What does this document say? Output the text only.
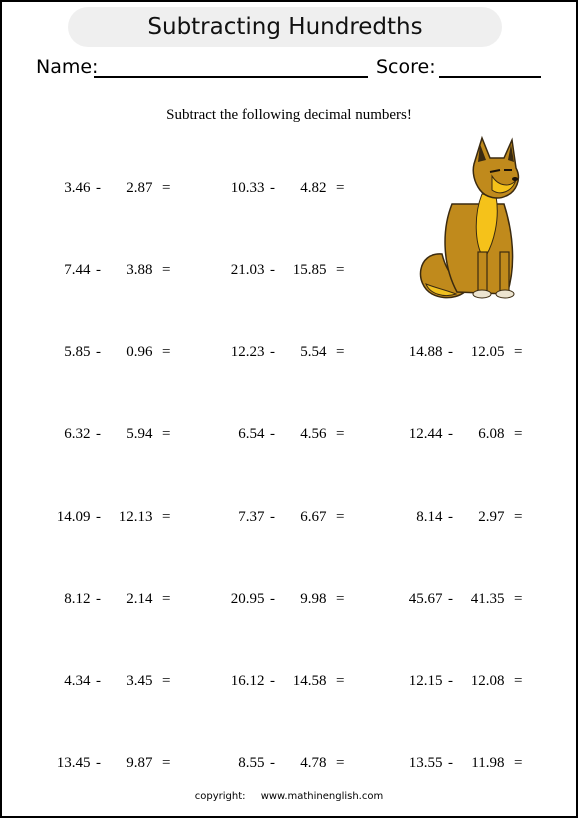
Subtracting Hundredths
Name:	Score:
Subtract the following decimal numbers!

3.46 - 2.87 =	10.33 - 4.82 =

7.44 - 3.88 =	21.03 - 15.85 =

5.85 - 0.96 =	12.23 - 5.54 =	14.88 - 12.05 =

6.32 - 5.94 =	6.54 - 4.56 =	12.44 - 6.08 =

14.09 - 12.13 =	7.37 - 6.67 =	8.14 - 2.97 =

8.12 - 2.14 =	20.95 - 9.98 =	45.67 - 41.35 =

4.34 - 3.45 =	16.12 - 14.58 =	12.15 - 12.08 =

13.45 - 9.87 =	8.55 - 4.78 =	13.55 - 11.98 =
copyright: www.mathinenglish.com
